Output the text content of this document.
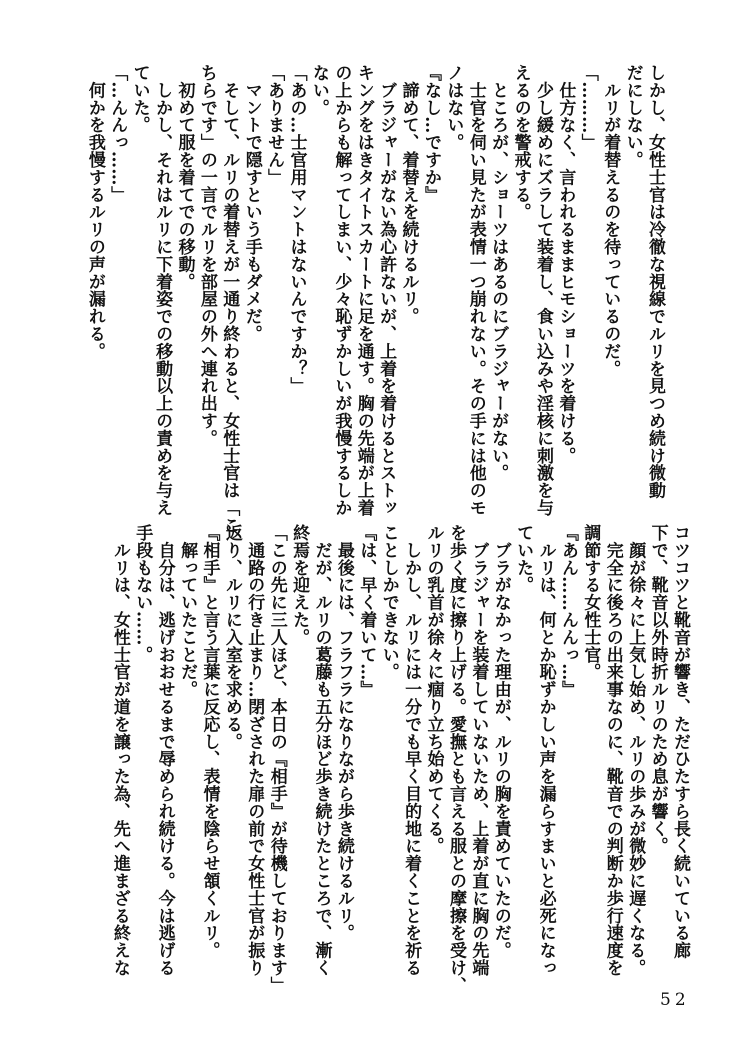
しかし、女性士官は冷徹な視線でルリを見つめ続け微動

だにしない。

　ルリが着替えるのを待っているのだ。

「………」

　仕方なく、言われるままヒモショーツを着ける。

　少し緩めにズラして装着し、食い込みや淫核に刺激を与

えるのを警戒する。

　ところが、ショーツはあるのにブラジャーがない。

　士官を伺い見たが表情一つ崩れない。その手には他のモ

ノはない。

『なし…ですか』

　諦めて、着替えを続けるルリ。

　ブラジャーがない為心許ないが、上着を着けるとストッ

キングをはきタイトスカートに足を通す。胸の先端が上着

の上からも解ってしまい、少々恥ずかしいが我慢するしか

ない。

「あの…士官用マントはないんですか？」

「ありません」

　マントで隠すという手もダメだ。

　そして、ルリの着替えが一通り終わると、女性士官は「こ

ちらです」の一言でルリを部屋の外へ連れ出す。

　初めて服を着てでの移動。

　しかし、それはルリに下着姿での移動以上の責めを与え

ていた。

「…んんっ……」

　何かを我慢するルリの声が漏れる。

コツコツと靴音が響き、ただひたすら長く続いている廊

下で、靴音以外時折ルリのため息が響く。

　顔が徐々に上気し始め、ルリの歩みが微妙に遅くなる。

　完全に後ろの出来事なのに、靴音での判断か歩行速度を

調節する女性士官。

『あん……んんっ…』

　ルリは、何とか恥ずかしい声を漏らすまいと必死になっ

ていた。

　ブラがなかった理由が、ルリの胸を責めていたのだ。

　ブラジャーを装着していないため、上着が直に胸の先端

を歩く度に擦り上げる。愛撫とも言える服との摩擦を受け、

ルリの乳首が徐々に痼り立ち始めてくる。

　しかし、ルリには一分でも早く目的地に着くことを祈る

ことしかできない。

『は、早く着いて…』

　最後には、フラフラになりながら歩き続けるルリ。

　だが、ルリの葛藤も五分ほど歩き続けたところで、漸く

終焉を迎えた。

「この先に三人ほど、本日の『相手』が待機しております」

　通路の行き止まり…閉ざされた扉の前で女性士官が振り

返り、ルリに入室を求める。

『相手』と言う言葉に反応し、表情を陰らせ頷くルリ。

　解っていたことだ。

　自分は、逃げおおせるまで辱められ続ける。今は逃げる

手段もない……。

　ルリは、女性士官が道を譲った為、先へ進まざる終えな

52
